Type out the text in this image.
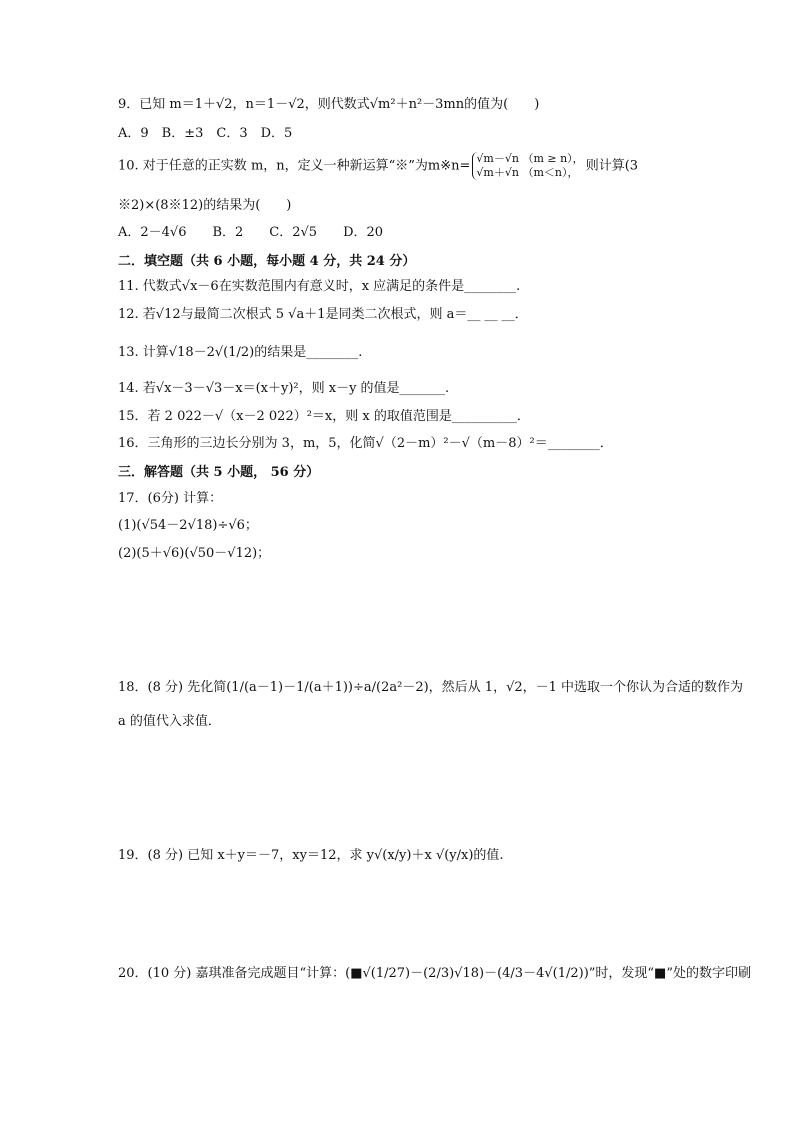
9．已知 m＝1＋√2，n＝1－√2，则代数式√m²＋n²－3mn的值为(　　)
A．9　B．±3　C．3　D．5
10. 对于任意的正实数 m，n，定义一种新运算“※”为m※n= √m－√n （m ≥ n），
√m＋√n （m＜n）， 则计算(3
※2)×(8※12)的结果为(　　)
A．2－4√6　　B．2　　C．2√5　　D．20
二．填空题（共 6 小题，每小题 4 分，共 24 分）
11. 代数式√x－6在实数范围内有意义时，x 应满足的条件是________.
12. 若√12与最简二次根式 5 √a＋1是同类二次根式，则 a＝__ __ __．
13. 计算√18－2√(1/2)的结果是________.
14. 若√x－3－√3－x＝(x＋y)²，则 x－y 的值是_______.
15．若 2 022－√（x－2 022）²＝x，则 x 的取值范围是__________．
16．三角形的三边长分别为 3，m，5，化简√（2－m）²－√（m－8）²＝________．
三．解答题（共 5 小题， 56 分）
17．(6分) 计算：
(1)(√54－2√18)÷√6；
(2)(5＋√6)(√50－√12)；
18．(8 分) 先化简(1/(a－1)－1/(a＋1))÷a/(2a²－2)，然后从 1，√2，－1 中选取一个你认为合适的数作为
a 的值代入求值．
19．(8 分) 已知 x＋y＝－7，xy＝12，求 y√(x/y)＋x √(y/x)的值.
20．(10 分) 嘉琪准备完成题目“计算：(■√(1/27)－(2/3)√18)－(4/3－4√(1/2))”时，发现“■”处的数字印刷
